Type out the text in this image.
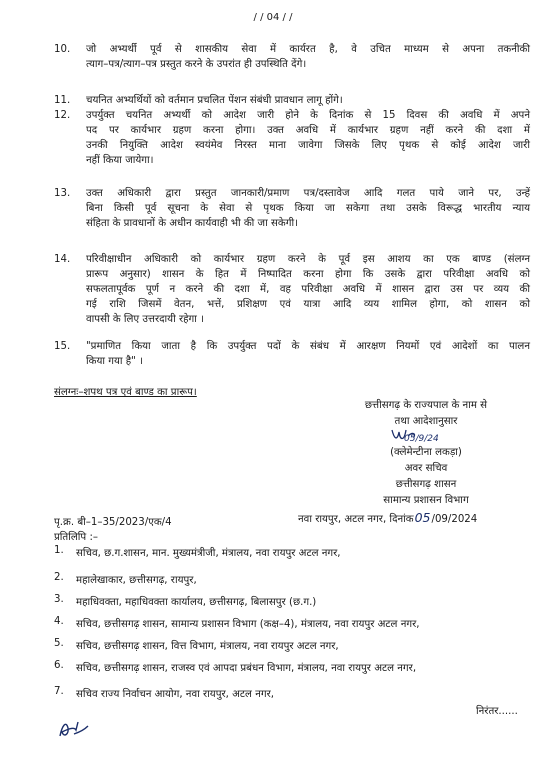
/ / 04 / /
10. जो अभ्यर्थी पूर्व से शासकीय सेवा में कार्यरत है, वे उचित माध्यम से अपना तकनीकी
त्याग–पत्र/त्याग–पत्र प्रस्तुत करने के उपरांत ही उपस्थिति देंगे।
11. चयनित अभ्यर्थियों को वर्तमान प्रचलित पेंशन संबंधी प्रावधान लागू होंगे।
12. उपर्युक्त चयनित अभ्यर्थी को आदेश जारी होने के दिनांक से 15 दिवस की अवधि में अपने
पद पर कार्यभार ग्रहण करना होगा। उक्त अवधि में कार्यभार ग्रहण नहीं करने की दशा में
उनकी नियुक्ति आदेश स्वयंमेव निरस्त माना जावेगा जिसके लिए पृथक से कोई आदेश जारी
नहीं किया जायेगा।
13. उक्त अधिकारी द्वारा प्रस्तुत जानकारी/प्रमाण पत्र/दस्तावेज आदि गलत पाये जाने पर, उन्हें
बिना किसी पूर्व सूचना के सेवा से पृथक किया जा सकेगा तथा उसके विरूद्ध भारतीय न्याय
संहिता के प्रावधानों के अधीन कार्यवाही भी की जा सकेगी।
14. परिवीक्षाधीन अधिकारी को कार्यभार ग्रहण करने के पूर्व इस आशय का एक बाण्ड (संलग्न
प्रारूप अनुसार) शासन के हित में निष्पादित करना होगा कि उसके द्वारा परिवीक्षा अवधि को
सफलतापूर्वक पूर्ण न करने की दशा में, वह परिवीक्षा अवधि में शासन द्वारा उस पर व्यय की
गई राशि जिसमें वेतन, भत्तें, प्रशिक्षण एवं यात्रा आदि व्यय शामिल होगा, को शासन को
वापसी के लिए उत्तरदायी रहेगा ।
15. "प्रमाणित किया जाता है कि उपर्युक्त पदों के संबंध में आरक्षण नियमों एवं आदेशों का पालन
किया गया है" ।
संलग्नः–शपथ पत्र एवं बाण्ड का प्रारूप।
छत्तीसगढ़ के राज्यपाल के नाम से
तथा आदेशानुसार
05/9/24
(क्लेमेन्टीना लकड़ा)
अवर सचिव
छत्तीसगढ़ शासन
सामान्य प्रशासन विभाग
पृ.क्र. बी–1–35/2023/एक/4	नवा रायपुर, अटल नगर, दिनांक05/09/2024
प्रतिलिपि :–
1. सचिव, छ.ग.शासन, मान. मुख्यमंत्रीजी, मंत्रालय, नवा रायपुर अटल नगर,
2. महालेखाकार, छत्तीसगढ़, रायपुर,
3. महाधिवक्ता, महाधिवक्ता कार्यालय, छत्तीसगढ़, बिलासपुर (छ.ग.)
4. सचिव, छत्तीसगढ़ शासन, सामान्य प्रशासन विभाग (कक्ष–4), मंत्रालय, नवा रायपुर अटल नगर,
5. सचिव, छत्तीसगढ़ शासन, वित्त विभाग, मंत्रालय, नवा रायपुर अटल नगर,
6. सचिव, छत्तीसगढ़ शासन, राजस्व एवं आपदा प्रबंधन विभाग, मंत्रालय, नवा रायपुर अटल नगर,
7. सचिव राज्य निर्वाचन आयोग, नवा रायपुर, अटल नगर,
निरंतर......
